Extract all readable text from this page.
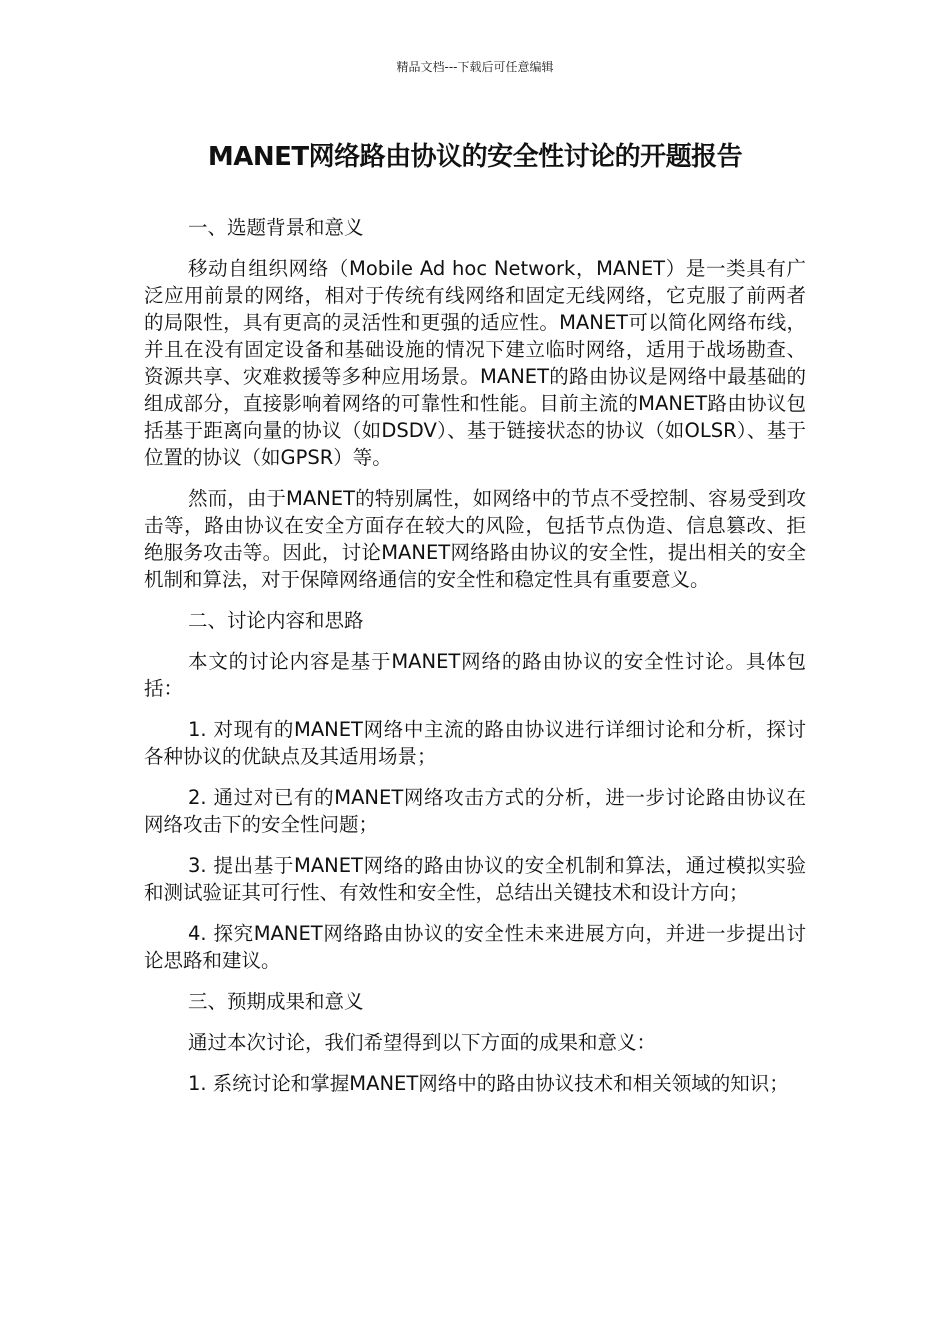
精品文档---下载后可任意编辑
MANET网络路由协议的安全性讨论的开题报告

一、选题背景和意义

移动自组织网络（Mobile Ad hoc Network，MANET）是一类具有广泛应用前景的网络，相对于传统有线网络和固定无线网络，它克服了前两者的局限性，具有更高的灵活性和更强的适应性。MANET可以简化网络布线，并且在没有固定设备和基础设施的情况下建立临时网络，适用于战场勘查、资源共享、灾难救援等多种应用场景。MANET的路由协议是网络中最基础的组成部分，直接影响着网络的可靠性和性能。目前主流的MANET路由协议包括基于距离向量的协议（如DSDV）、基于链接状态的协议（如OLSR）、基于位置的协议（如GPSR）等。

然而，由于MANET的特别属性，如网络中的节点不受控制、容易受到攻击等，路由协议在安全方面存在较大的风险，包括节点伪造、信息篡改、拒绝服务攻击等。因此，讨论MANET网络路由协议的安全性，提出相关的安全机制和算法，对于保障网络通信的安全性和稳定性具有重要意义。

二、讨论内容和思路

本文的讨论内容是基于MANET网络的路由协议的安全性讨论。具体包括：

1. 对现有的MANET网络中主流的路由协议进行详细讨论和分析，探讨各种协议的优缺点及其适用场景；

2. 通过对已有的MANET网络攻击方式的分析，进一步讨论路由协议在网络攻击下的安全性问题；

3. 提出基于MANET网络的路由协议的安全机制和算法，通过模拟实验和测试验证其可行性、有效性和安全性，总结出关键技术和设计方向；

4. 探究MANET网络路由协议的安全性未来进展方向，并进一步提出讨论思路和建议。

三、预期成果和意义

通过本次讨论，我们希望得到以下方面的成果和意义：

1. 系统讨论和掌握MANET网络中的路由协议技术和相关领域的知识；
